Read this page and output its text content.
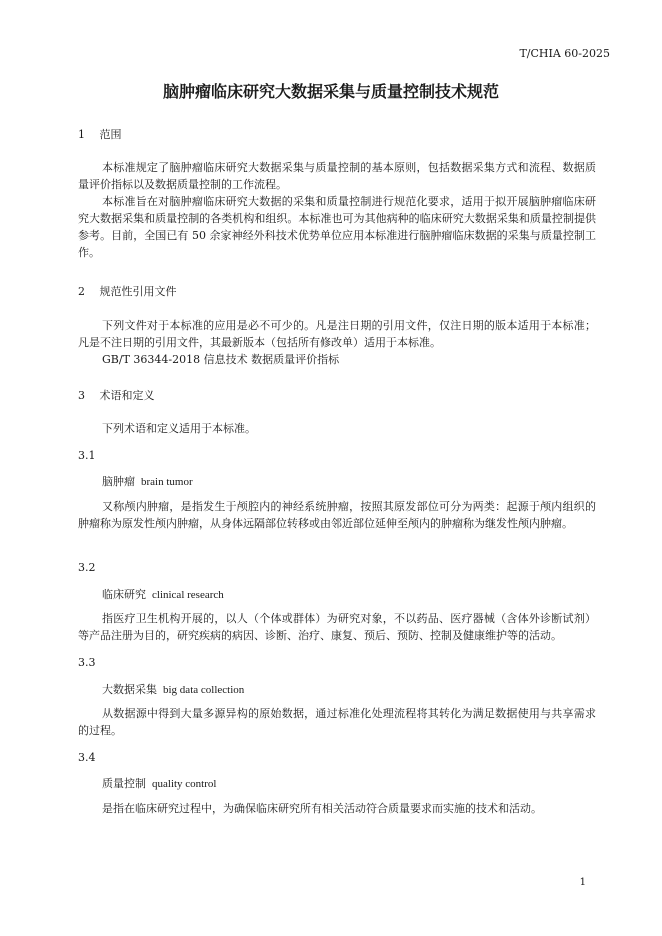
T/CHIA 60-2025
脑肿瘤临床研究大数据采集与质量控制技术规范
1 范围

本标准规定了脑肿瘤临床研究大数据采集与质量控制的基本原则，包括数据采集方式和流程、数据质量评价指标以及数据质量控制的工作流程。

本标准旨在对脑肿瘤临床研究大数据的采集和质量控制进行规范化要求，适用于拟开展脑肿瘤临床研究大数据采集和质量控制的各类机构和组织。本标准也可为其他病种的临床研究大数据采集和质量控制提供参考。目前，全国已有 50 余家神经外科技术优势单位应用本标准进行脑肿瘤临床数据的采集与质量控制工作。

2 规范性引用文件

下列文件对于本标准的应用是必不可少的。凡是注日期的引用文件，仅注日期的版本适用于本标准；凡是不注日期的引用文件，其最新版本（包括所有修改单）适用于本标准。

GB/T 36344-2018 信息技术 数据质量评价指标

3 术语和定义

下列术语和定义适用于本标准。

3.1
脑肿瘤 brain tumor

又称颅内肿瘤，是指发生于颅腔内的神经系统肿瘤，按照其原发部位可分为两类：起源于颅内组织的肿瘤称为原发性颅内肿瘤，从身体远隔部位转移或由邻近部位延伸至颅内的肿瘤称为继发性颅内肿瘤。

3.2
临床研究 clinical research

指医疗卫生机构开展的，以人（个体或群体）为研究对象，不以药品、医疗器械（含体外诊断试剂）等产品注册为目的，研究疾病的病因、诊断、治疗、康复、预后、预防、控制及健康维护等的活动。

3.3
大数据采集 big data collection

从数据源中得到大量多源异构的原始数据，通过标准化处理流程将其转化为满足数据使用与共享需求的过程。

3.4
质量控制 quality control

是指在临床研究过程中，为确保临床研究所有相关活动符合质量要求而实施的技术和活动。

1
